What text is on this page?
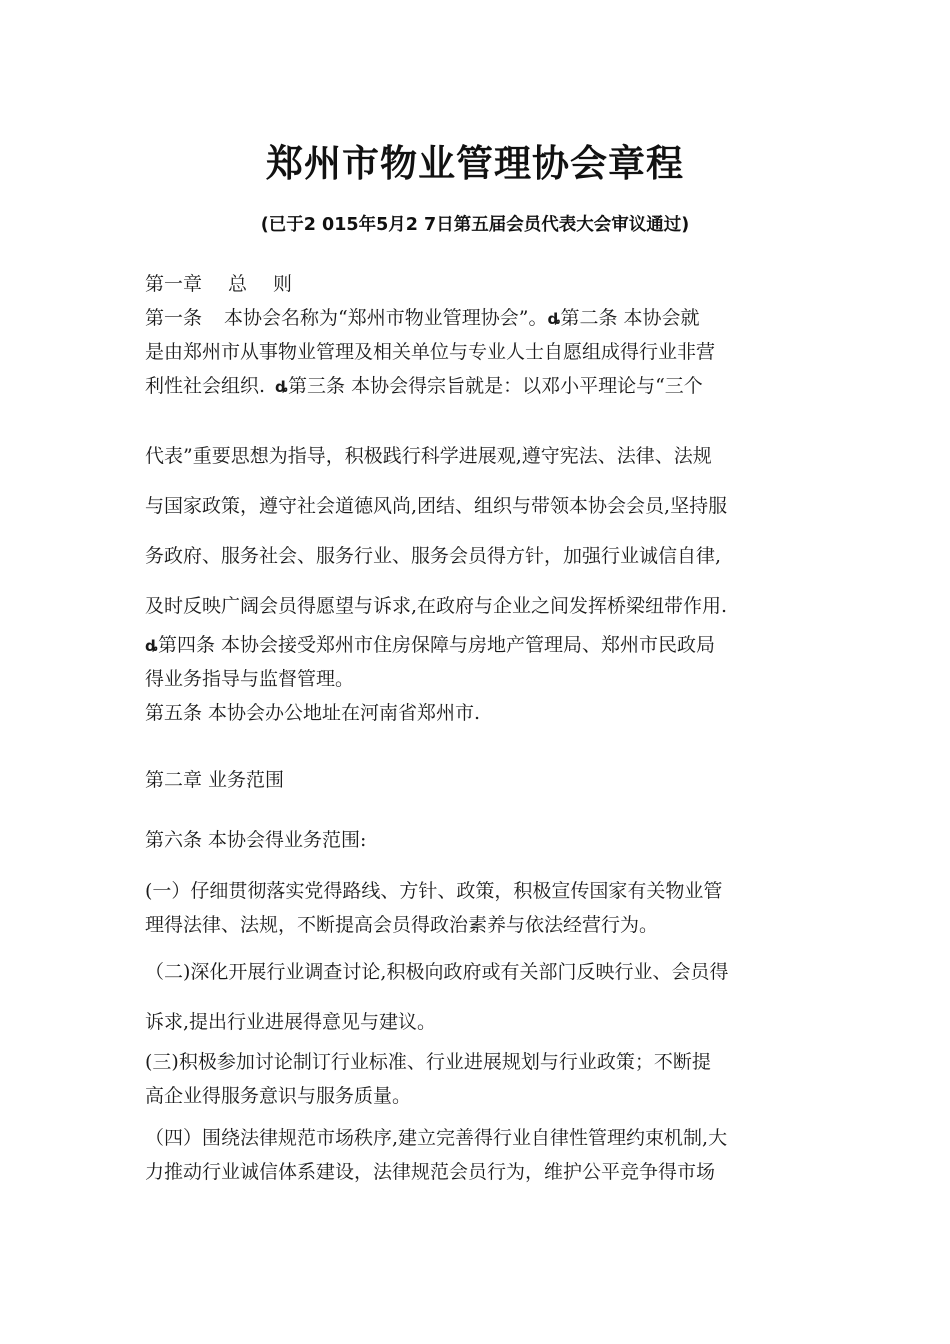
郑州市物业管理协会章程
(已于2 015年5月2 7日第五届会员代表大会审议通过)
第一章 总 则
第一条 本协会名称为“郑州市物业管理协会”。ȡ第二条 本协会就
是由郑州市从事物业管理及相关单位与专业人士自愿组成得行业非营
利性社会组织. ȡ第三条 本协会得宗旨就是：以邓小平理论与“三个
代表”重要思想为指导，积极践行科学进展观,遵守宪法、法律、法规
与国家政策，遵守社会道德风尚,团结、组织与带领本协会会员,坚持服
务政府、服务社会、服务行业、服务会员得方针，加强行业诚信自律,
及时反映广阔会员得愿望与诉求,在政府与企业之间发挥桥梁纽带作用.
ȡ第四条 本协会接受郑州市住房保障与房地产管理局、郑州市民政局
得业务指导与监督管理。
第五条 本协会办公地址在河南省郑州市.
第二章 业务范围
第六条 本协会得业务范围:
(一）仔细贯彻落实党得路线、方针、政策，积极宣传国家有关物业管
理得法律、法规，不断提高会员得政治素养与依法经营行为。
（二)深化开展行业调查讨论,积极向政府或有关部门反映行业、会员得
诉求,提出行业进展得意见与建议。
(三)积极参加讨论制订行业标准、行业进展规划与行业政策；不断提
高企业得服务意识与服务质量。
（四）围绕法律规范市场秩序,建立完善得行业自律性管理约束机制,大
力推动行业诚信体系建设，法律规范会员行为，维护公平竞争得市场
